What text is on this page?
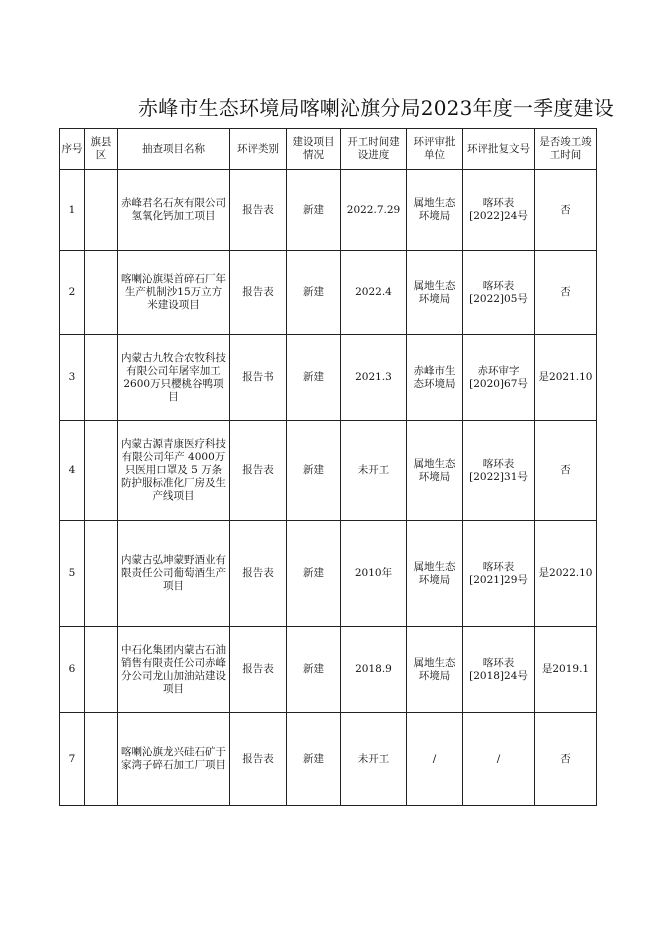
赤峰市生态环境局喀喇沁旗分局2023年度一季度建设
序号	旗县区	抽查项目名称	环评类别	建设项目情况	开工时间建设进度	环评审批单位	环评批复文号	是否竣工竣工时间
1		赤峰君名石灰有限公司氢氧化钙加工项目	报告表	新建	2022.7.29	属地生态环境局	喀环表[2022]24号	否
2		喀喇沁旗渠首碎石厂年生产机制沙15万立方米建设项目	报告表	新建	2022.4	属地生态环境局	喀环表[2022]05号	否
3		内蒙古九牧合农牧科技有限公司年屠宰加工2600万只樱桃谷鸭项目	报告书	新建	2021.3	赤峰市生态环境局	赤环审字[2020]67号	是2021.10
4		内蒙古源青康医疗科技有限公司年产 4000万只医用口罩及 5 万条防护服标准化厂房及生产线项目	报告表	新建	未开工	属地生态环境局	喀环表[2022]31号	否
5		内蒙古弘坤蒙野酒业有限责任公司葡萄酒生产项目	报告表	新建	2010年	属地生态环境局	喀环表[2021]29号	是2022.10
6		中石化集团内蒙古石油销售有限责任公司赤峰分公司龙山加油站建设项目	报告表	新建	2018.9	属地生态环境局	喀环表[2018]24号	是2019.1
7		喀喇沁旗龙兴硅石矿于家湾子碎石加工厂项目	报告表	新建	未开工	/	/	否
